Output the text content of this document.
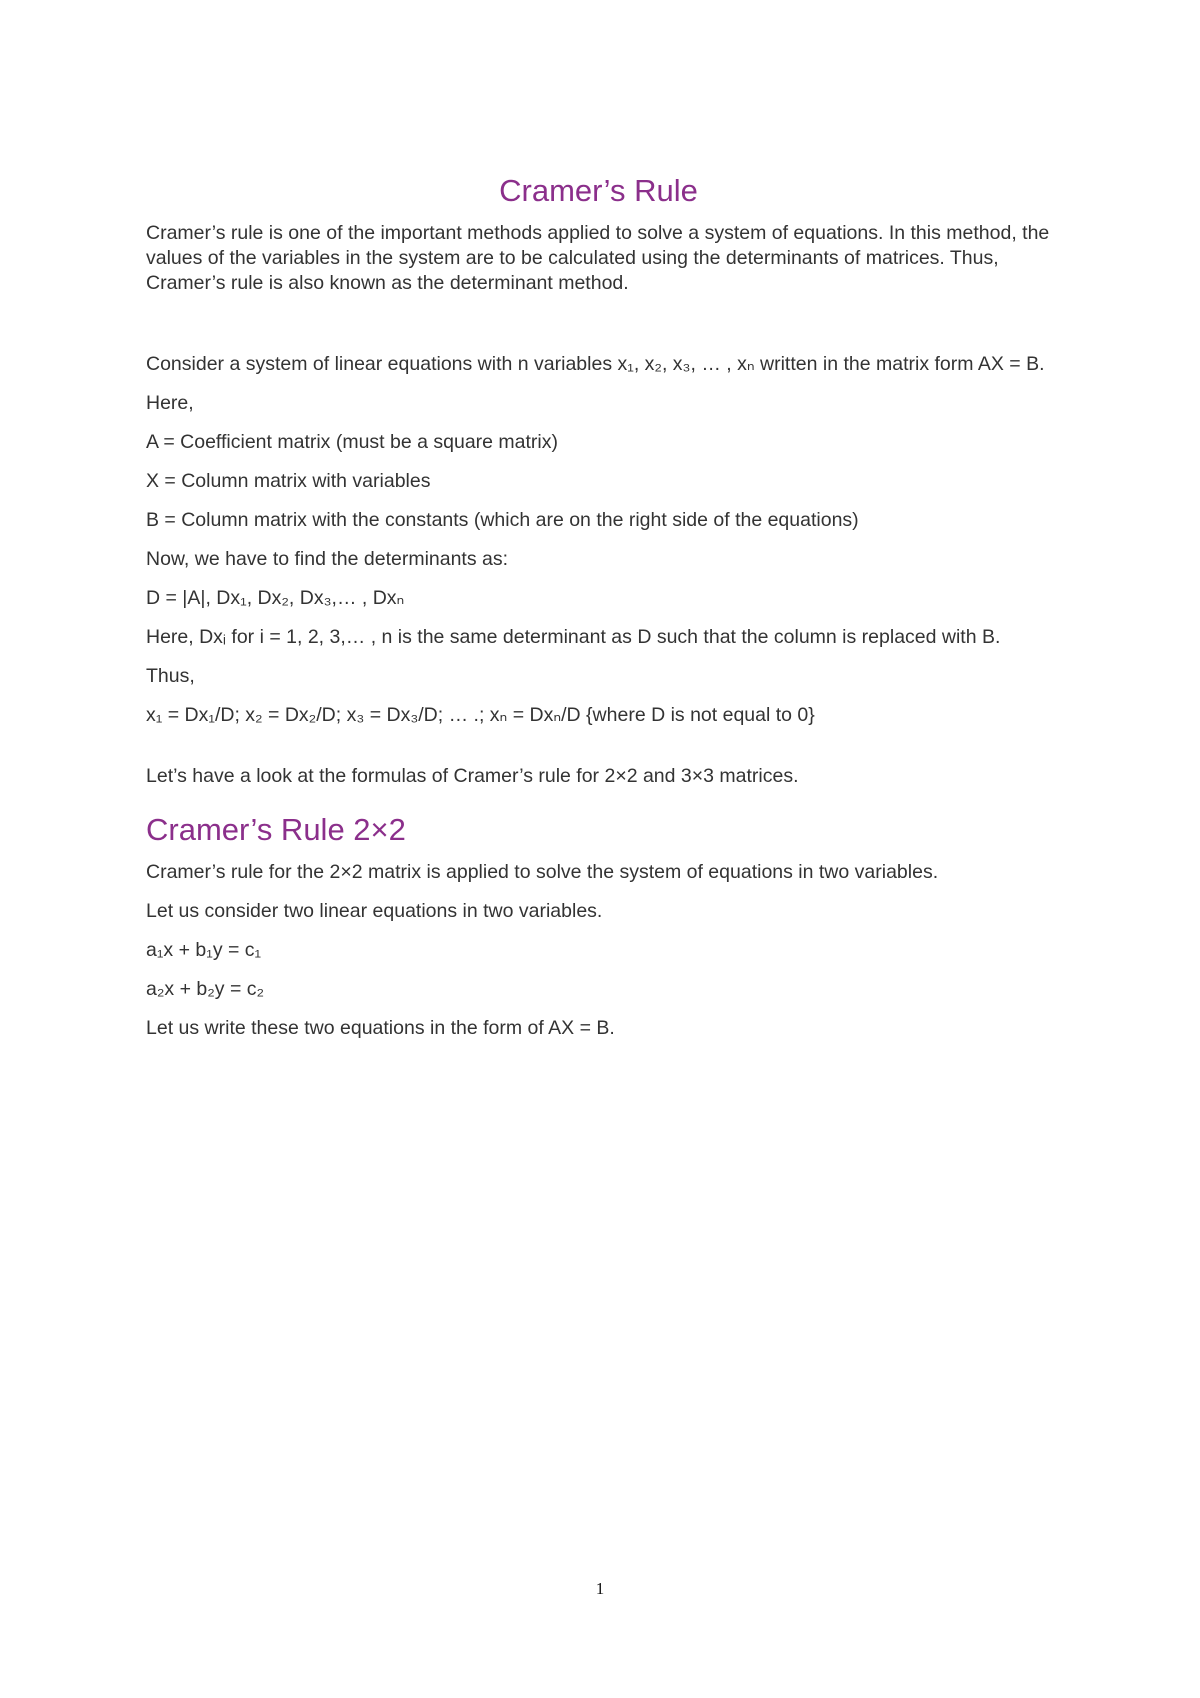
Cramer’s Rule

Cramer’s rule is one of the important methods applied to solve a system of equations. In this method, the values of the variables in the system are to be calculated using the determinants of matrices. Thus, Cramer’s rule is also known as the determinant method.

Consider a system of linear equations with n variables x₁, x₂, x₃, … , xₙ written in the matrix form AX = B.

Here,

A = Coefficient matrix (must be a square matrix)

X = Column matrix with variables

B = Column matrix with the constants (which are on the right side of the equations)

Now, we have to find the determinants as:

D = |A|, Dx₁, Dx₂, Dx₃,… , Dxₙ

Here, Dxᵢ for i = 1, 2, 3,… , n is the same determinant as D such that the column is replaced with B.

Thus,

x₁ = Dx₁/D; x₂ = Dx₂/D; x₃ = Dx₃/D; … .; xₙ = Dxₙ/D {where D is not equal to 0}

Let’s have a look at the formulas of Cramer’s rule for 2×2 and 3×3 matrices.

Cramer’s Rule 2×2

Cramer’s rule for the 2×2 matrix is applied to solve the system of equations in two variables.

Let us consider two linear equations in two variables.

a₁x + b₁y = c₁

a₂x + b₂y = c₂

Let us write these two equations in the form of AX = B.

1
